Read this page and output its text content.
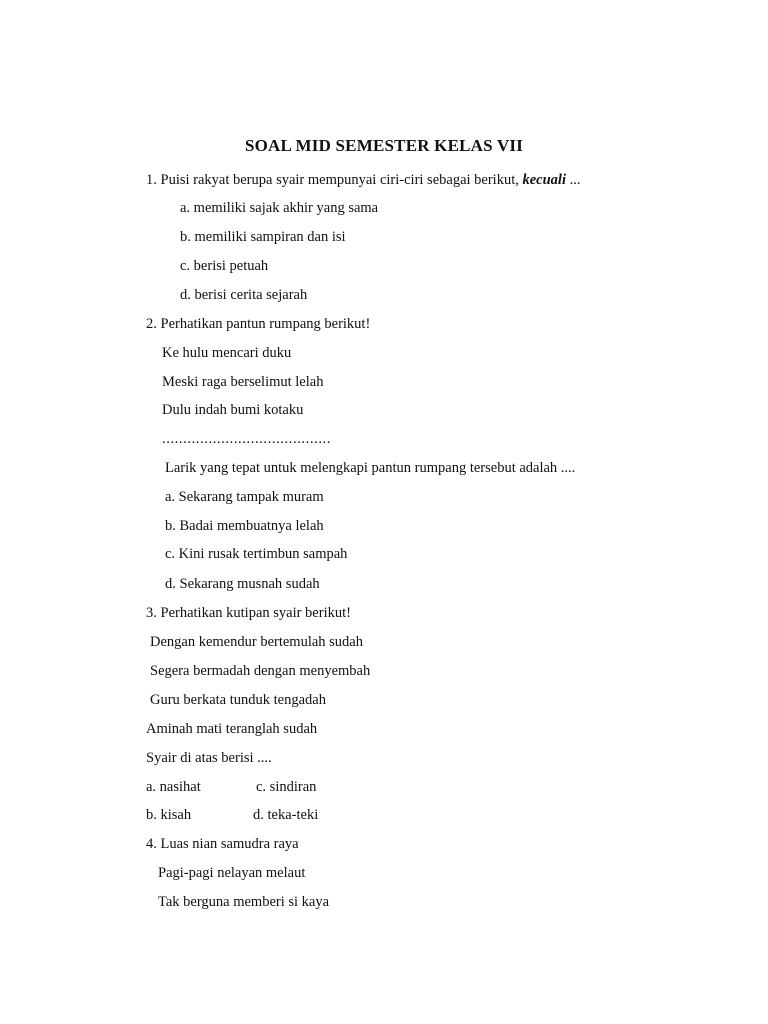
SOAL MID SEMESTER KELAS VII
1. Puisi rakyat berupa syair mempunyai ciri-ciri sebagai berikut, kecuali ...
a. memiliki sajak akhir yang sama
b. memiliki sampiran dan isi
c. berisi petuah
d. berisi cerita sejarah
2. Perhatikan pantun rumpang berikut!
Ke hulu mencari duku
Meski raga berselimut lelah
Dulu indah bumi kotaku
........................................
Larik yang tepat untuk melengkapi pantun rumpang tersebut adalah ....
a. Sekarang tampak muram
b. Badai membuatnya lelah
c. Kini rusak tertimbun sampah
d. Sekarang musnah sudah
3. Perhatikan kutipan syair berikut!
Dengan kemendur bertemulah sudah
Segera bermadah dengan menyembah
Guru berkata tunduk tengadah
Aminah mati teranglah sudah
Syair di atas berisi ....
a. nasihat	c. sindiran
b. kisah	d. teka-teki
4. Luas nian samudra raya
Pagi-pagi nelayan melaut
Tak berguna memberi si kaya
